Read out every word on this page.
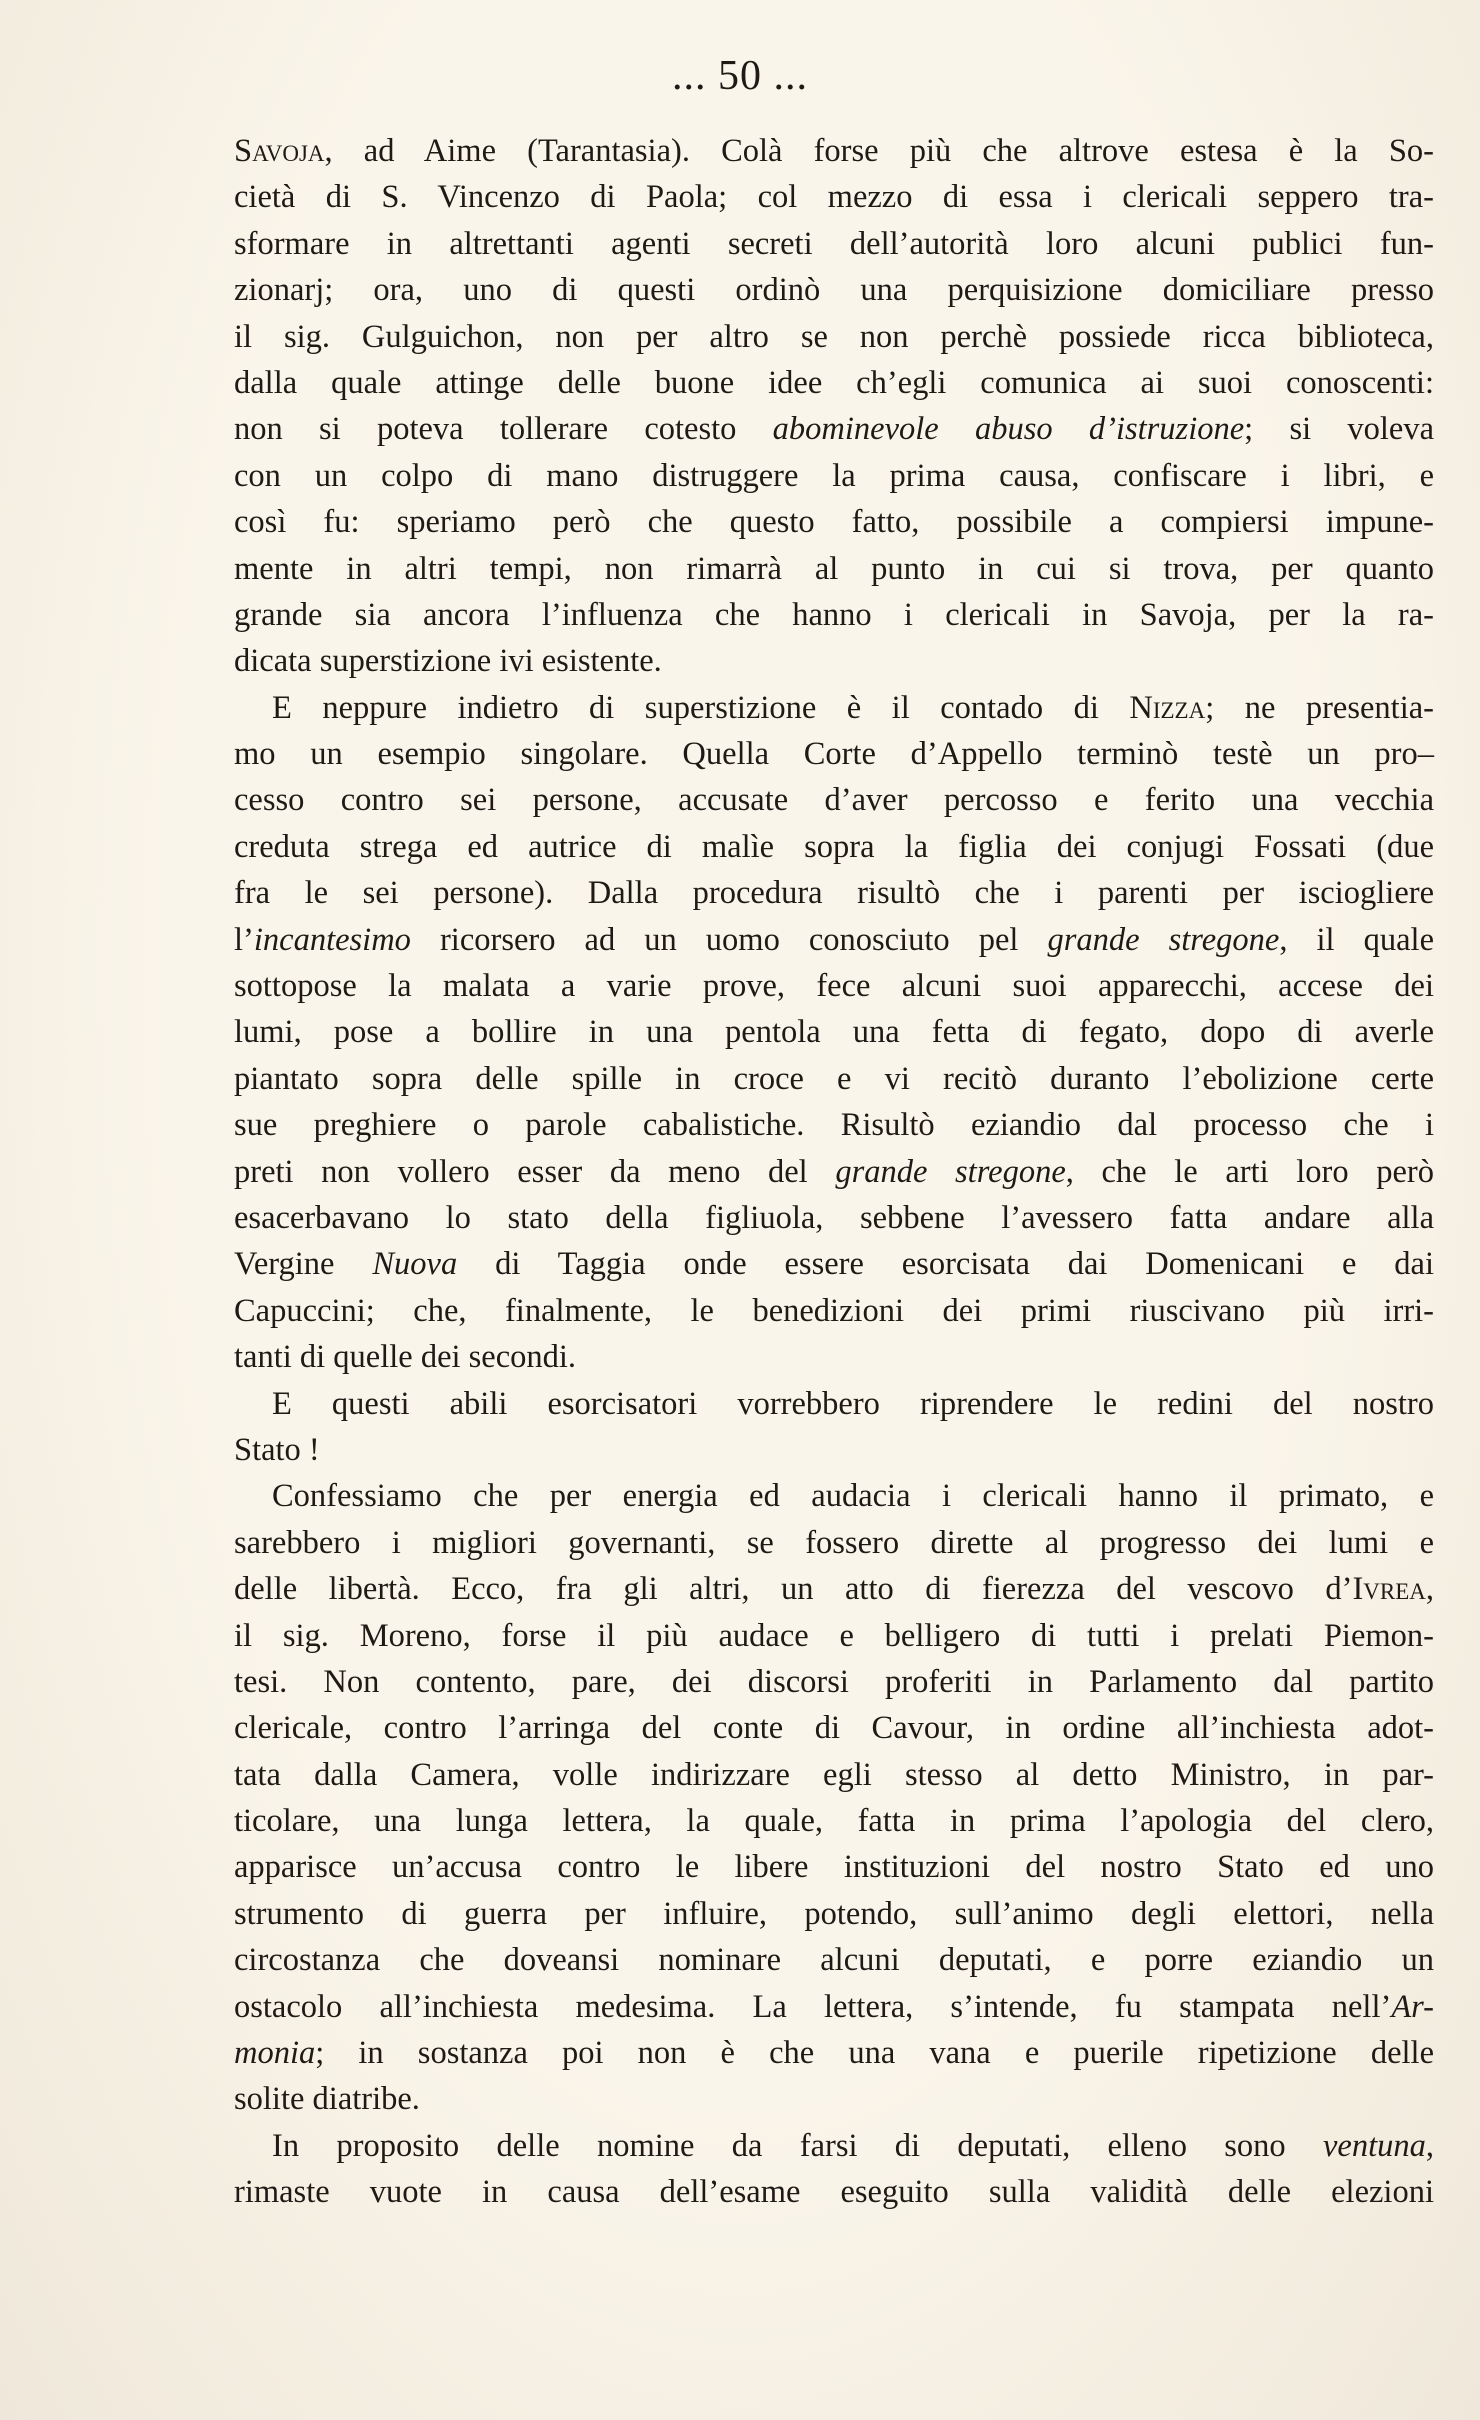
... 50 ...
Savoja, ad Aime (Tarantasia). Colà forse più che altrove estesa è la So-
cietà di S. Vincenzo di Paola; col mezzo di essa i clericali seppero tra-
sformare in altrettanti agenti secreti dell’autorità loro alcuni publici fun-
zionarj; ora, uno di questi ordinò una perquisizione domiciliare presso
il sig. Gulguichon, non per altro se non perchè possiede ricca biblioteca,
dalla quale attinge delle buone idee ch’egli comunica ai suoi conoscenti:
non si poteva tollerare cotesto abominevole abuso d’istruzione; si voleva
con un colpo di mano distruggere la prima causa, confiscare i libri, e
così fu: speriamo però che questo fatto, possibile a compiersi impune-
mente in altri tempi, non rimarrà al punto in cui si trova, per quanto
grande sia ancora l’influenza che hanno i clericali in Savoja, per la ra-
dicata superstizione ivi esistente.
E neppure indietro di superstizione è il contado di Nizza; ne presentia-
mo un esempio singolare. Quella Corte d’Appello terminò testè un pro–
cesso contro sei persone, accusate d’aver percosso e ferito una vecchia
creduta strega ed autrice di malìe sopra la figlia dei conjugi Fossati (due
fra le sei persone). Dalla procedura risultò che i parenti per isciogliere
l’incantesimo ricorsero ad un uomo conosciuto pel grande stregone, il quale
sottopose la malata a varie prove, fece alcuni suoi apparecchi, accese dei
lumi, pose a bollire in una pentola una fetta di fegato, dopo di averle
piantato sopra delle spille in croce e vi recitò duranto l’ebolizione certe
sue preghiere o parole cabalistiche. Risultò eziandio dal processo che i
preti non vollero esser da meno del grande stregone, che le arti loro però
esacerbavano lo stato della figliuola, sebbene l’avessero fatta andare alla
Vergine Nuova di Taggia onde essere esorcisata dai Domenicani e dai
Capuccini; che, finalmente, le benedizioni dei primi riuscivano più irri-
tanti di quelle dei secondi.
E questi abili esorcisatori vorrebbero riprendere le redini del nostro
Stato !
Confessiamo che per energia ed audacia i clericali hanno il primato, e
sarebbero i migliori governanti, se fossero dirette al progresso dei lumi e
delle libertà. Ecco, fra gli altri, un atto di fierezza del vescovo d’Ivrea,
il sig. Moreno, forse il più audace e belligero di tutti i prelati Piemon-
tesi. Non contento, pare, dei discorsi proferiti in Parlamento dal partito
clericale, contro l’arringa del conte di Cavour, in ordine all’inchiesta adot-
tata dalla Camera, volle indirizzare egli stesso al detto Ministro, in par-
ticolare, una lunga lettera, la quale, fatta in prima l’apologia del clero,
apparisce un’accusa contro le libere instituzioni del nostro Stato ed uno
strumento di guerra per influire, potendo, sull’animo degli elettori, nella
circostanza che doveansi nominare alcuni deputati, e porre eziandio un
ostacolo all’inchiesta medesima. La lettera, s’intende, fu stampata nell’Ar-
monia; in sostanza poi non è che una vana e puerile ripetizione delle
solite diatribe.
In proposito delle nomine da farsi di deputati, elleno sono ventuna,
rimaste vuote in causa dell’esame eseguito sulla validità delle elezioni
